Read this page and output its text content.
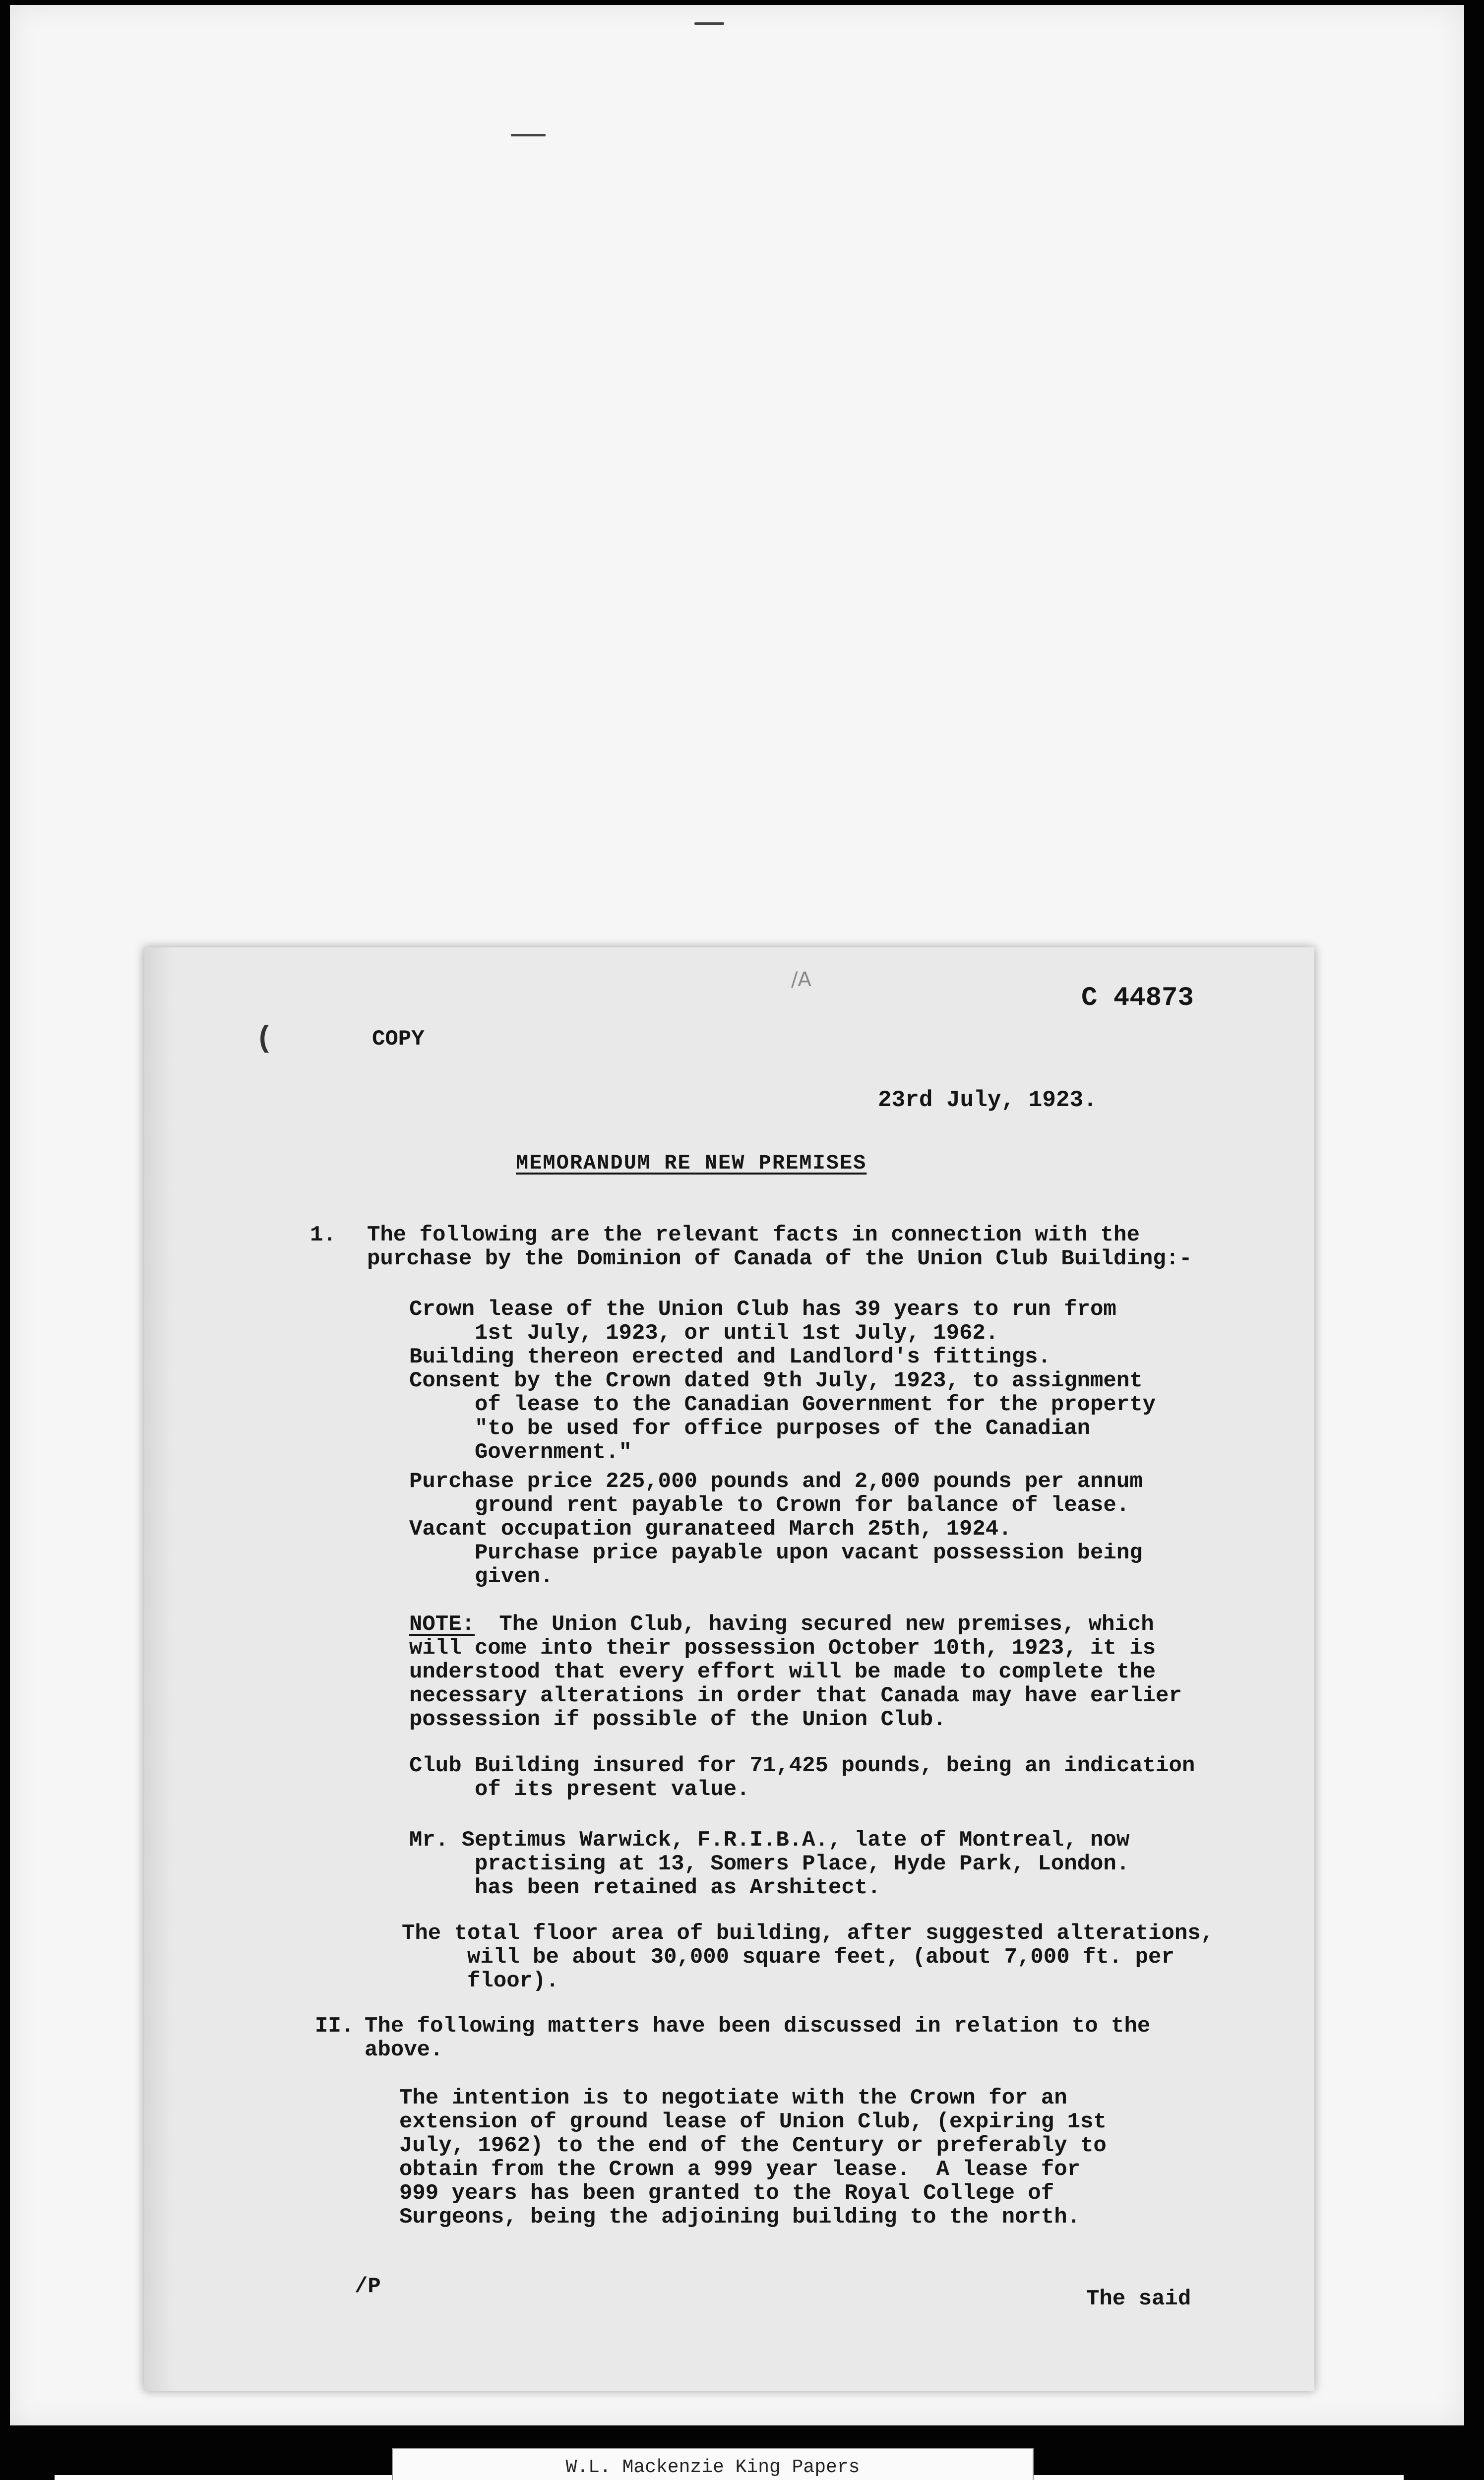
/A
C 44873
(	COPY
23rd July, 1923.
MEMORANDUM RE NEW PREMISES
1. The following are the relevant facts in connection with the
purchase by the Dominion of Canada of the Union Club Building:-
Crown lease of the Union Club has 39 years to run from
1st July, 1923, or until 1st July, 1962.
Building thereon erected and Landlord's fittings.
Consent by the Crown dated 9th July, 1923, to assignment
of lease to the Canadian Government for the property
"to be used for office purposes of the Canadian
Government."
Purchase price 225,000 pounds and 2,000 pounds per annum
ground rent payable to Crown for balance of lease.
Vacant occupation guranateed March 25th, 1924.
Purchase price payable upon vacant possession being
given.
NOTE: The Union Club, having secured new premises, which
will come into their possession October 10th, 1923, it is
understood that every effort will be made to complete the
necessary alterations in order that Canada may have earlier
possession if possible of the Union Club.
Club Building insured for 71,425 pounds, being an indication
of its present value.
Mr. Septimus Warwick, F.R.I.B.A., late of Montreal, now
practising at 13, Somers Place, Hyde Park, London.
has been retained as Arshitect.
The total floor area of building, after suggested alterations,
will be about 30,000 square feet, (about 7,000 ft. per
floor).
II. The following matters have been discussed in relation to the
above.
The intention is to negotiate with the Crown for an
extension of ground lease of Union Club, (expiring 1st
July, 1962) to the end of the Century or preferably to
obtain from the Crown a 999 year lease.  A lease for
999 years has been granted to the Royal College of
Surgeons, being the adjoining building to the north.
/P	The said
W.L. Mackenzie King Papers
